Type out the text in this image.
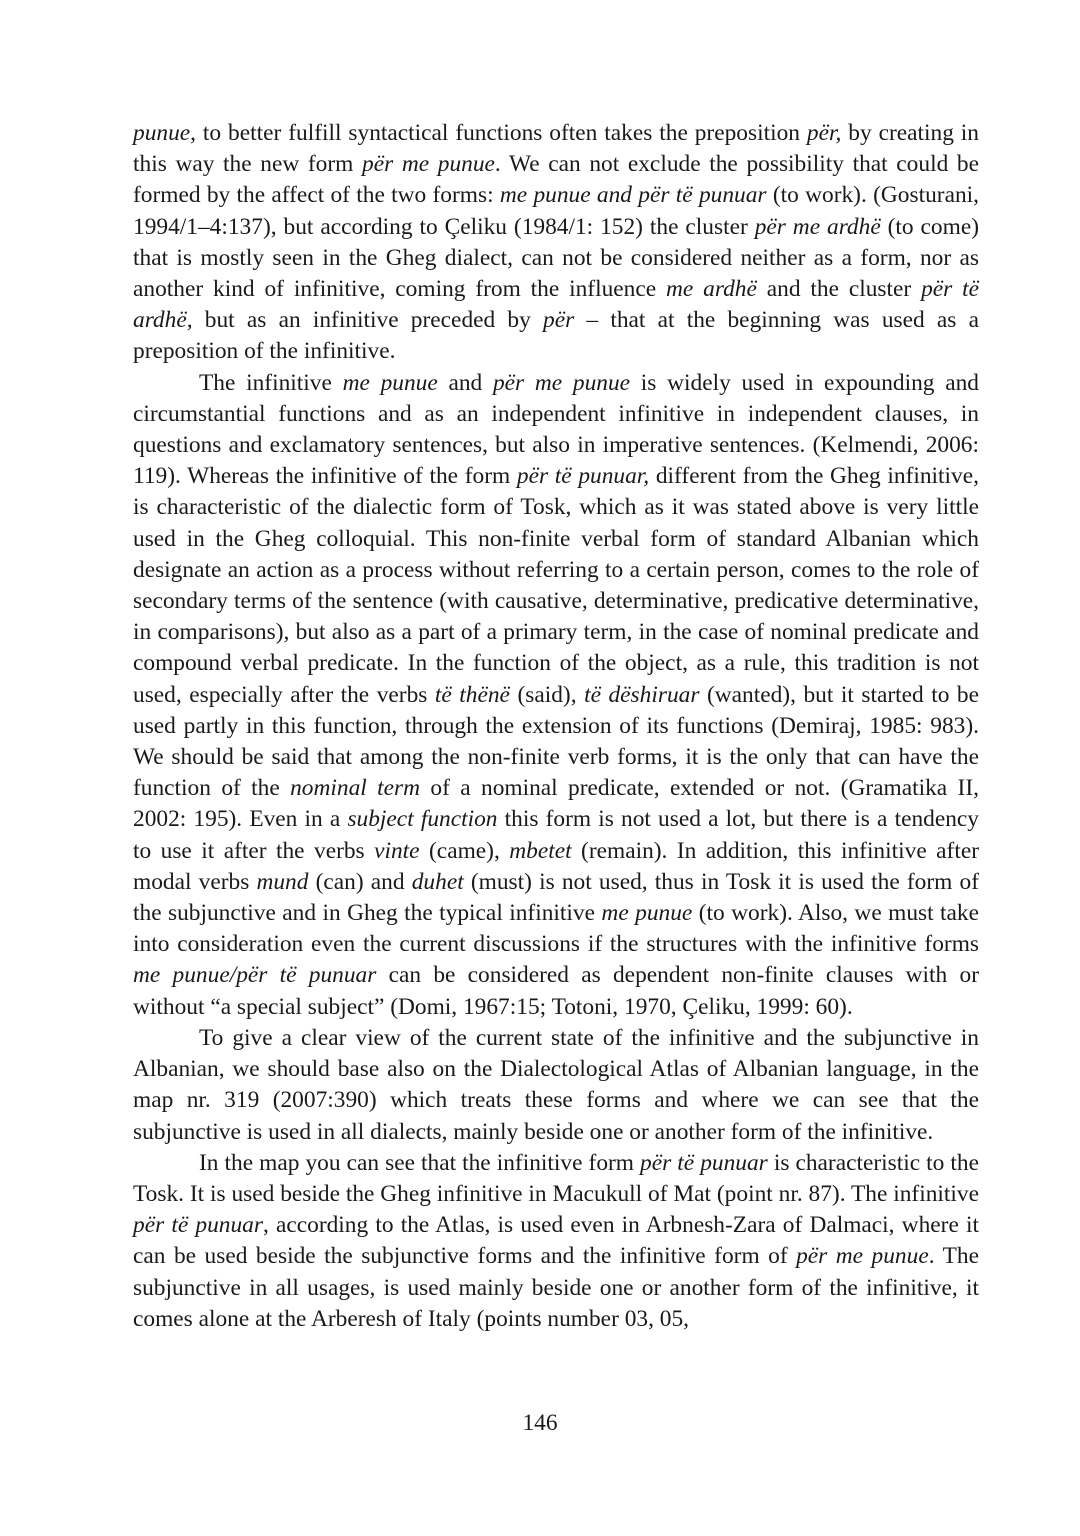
punue, to better fulfill syntactical functions often takes the preposition për, by creating in this way the new form për me punue. We can not exclude the possibility that could be formed by the affect of the two forms: me punue and për të punuar (to work). (Gosturani, 1994/1–4:137), but according to Çeliku (1984/1: 152) the cluster për me ardhë (to come) that is mostly seen in the Gheg dialect, can not be considered neither as a form, nor as another kind of infinitive, coming from the influence me ardhë and the cluster për të ardhë, but as an infinitive preceded by për – that at the beginning was used as a preposition of the infinitive.

The infinitive me punue and për me punue is widely used in expounding and circumstantial functions and as an independent infinitive in independent clauses, in questions and exclamatory sentences, but also in imperative sentences. (Kelmendi, 2006: 119). Whereas the infinitive of the form për të punuar, different from the Gheg infinitive, is characteristic of the dialectic form of Tosk, which as it was stated above is very little used in the Gheg colloquial. This non-finite verbal form of standard Albanian which designate an action as a process without referring to a certain person, comes to the role of secondary terms of the sentence (with causative, determinative, predicative determinative, in comparisons), but also as a part of a primary term, in the case of nominal predicate and compound verbal predicate. In the function of the object, as a rule, this tradition is not used, especially after the verbs të thënë (said), të dëshiruar (wanted), but it started to be used partly in this function, through the extension of its functions (Demiraj, 1985: 983). We should be said that among the non-finite verb forms, it is the only that can have the function of the nominal term of a nominal predicate, extended or not. (Gramatika II, 2002: 195). Even in a subject function this form is not used a lot, but there is a tendency to use it after the verbs vinte (came), mbetet (remain). In addition, this infinitive after modal verbs mund (can) and duhet (must) is not used, thus in Tosk it is used the form of the subjunctive and in Gheg the typical infinitive me punue (to work). Also, we must take into consideration even the current discussions if the structures with the infinitive forms me punue/për të punuar can be considered as dependent non-finite clauses with or without “a special subject” (Domi, 1967:15; Totoni, 1970, Çeliku, 1999: 60).

To give a clear view of the current state of the infinitive and the subjunctive in Albanian, we should base also on the Dialectological Atlas of Albanian language, in the map nr. 319 (2007:390) which treats these forms and where we can see that the subjunctive is used in all dialects, mainly beside one or another form of the infinitive.

In the map you can see that the infinitive form për të punuar is characteristic to the Tosk. It is used beside the Gheg infinitive in Macukull of Mat (point nr. 87). The infinitive për të punuar, according to the Atlas, is used even in Arbnesh-Zara of Dalmaci, where it can be used beside the subjunctive forms and the infinitive form of për me punue. The subjunctive in all usages, is used mainly beside one or another form of the infinitive, it comes alone at the Arberesh of Italy (points number 03, 05,

146
